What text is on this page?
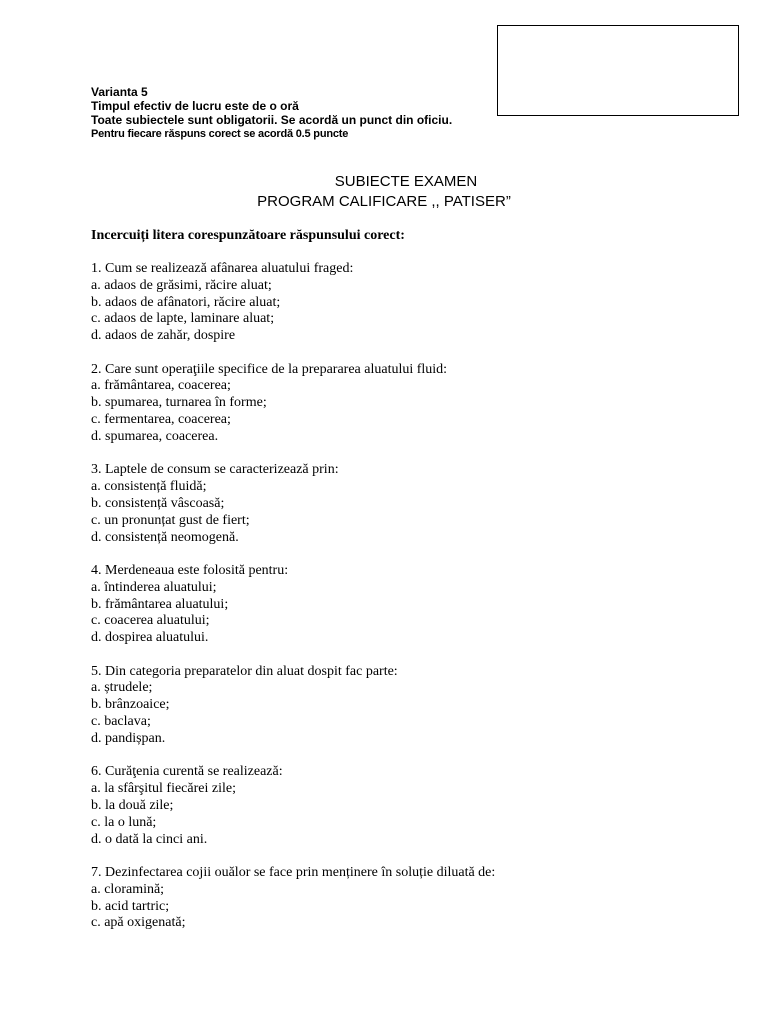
Varianta 5
Timpul efectiv de lucru este de o oră
Toate subiectele sunt obligatorii. Se acordă un punct din oficiu.
Pentru fiecare răspuns corect se acordă 0.5 puncte
SUBIECTE EXAMEN
PROGRAM CALIFICARE ,, PATISER”
Incercuiți litera corespunzătoare răspunsului corect:
1. Cum se realizează afânarea aluatului fraged:
a. adaos de grăsimi, răcire aluat;
b. adaos de afânatori, răcire aluat;
c. adaos de lapte, laminare aluat;
d. adaos de zahăr, dospire
2. Care sunt operaţiile specifice de la prepararea aluatului fluid:
a. frământarea, coacerea;
b. spumarea, turnarea în forme;
c. fermentarea, coacerea;
d. spumarea, coacerea.
3. Laptele de consum se caracterizează prin:
a. consistență fluidă;
b. consistență vâscoasă;
c. un pronunțat gust de fiert;
d. consistență neomogenă.
4. Merdeneaua este folosită pentru:
a. întinderea aluatului;
b. frământarea aluatului;
c. coacerea aluatului;
d. dospirea aluatului.
5. Din categoria preparatelor din aluat dospit fac parte:
a. ștrudele;
b. brânzoaice;
c. baclava;
d. pandișpan.
6. Curăţenia curentă se realizează:
a. la sfârşitul fiecărei zile;
b. la două zile;
c. la o lună;
d. o dată la cinci ani.
7. Dezinfectarea cojii ouălor se face prin menținere în soluție diluată de:
a. cloramină;
b. acid tartric;
c. apă oxigenată;
